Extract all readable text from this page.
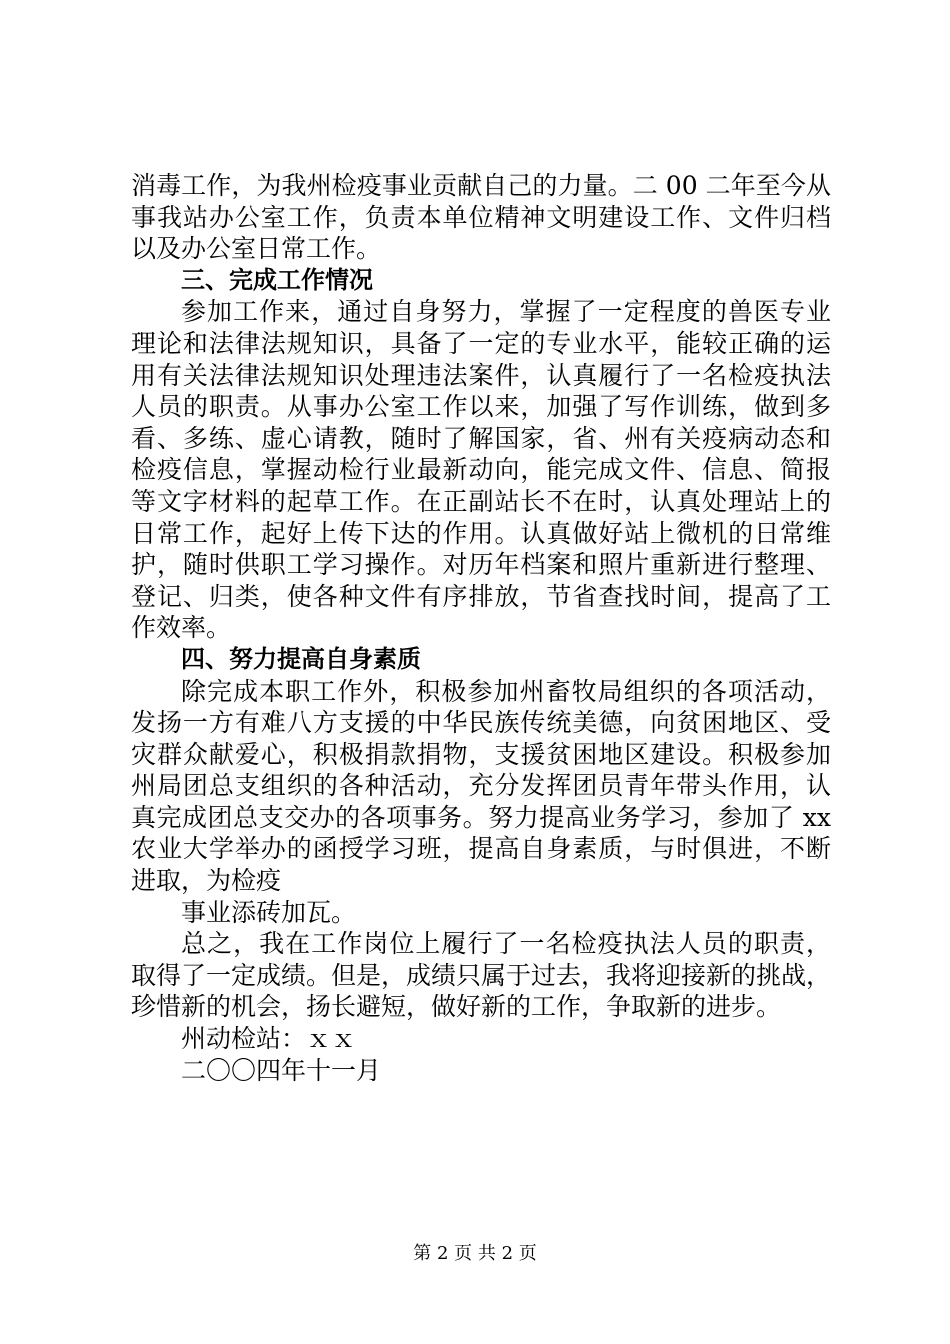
消毒工作，为我州检疫事业贡献自己的力量。二 00 二年至今从
事我站办公室工作，负责本单位精神文明建设工作、文件归档
以及办公室日常工作。
三、完成工作情况
参加工作来，通过自身努力，掌握了一定程度的兽医专业
理论和法律法规知识，具备了一定的专业水平，能较正确的运
用有关法律法规知识处理违法案件，认真履行了一名检疫执法
人员的职责。从事办公室工作以来，加强了写作训练，做到多
看、多练、虚心请教，随时了解国家，省、州有关疫病动态和
检疫信息，掌握动检行业最新动向，能完成文件、信息、简报
等文字材料的起草工作。在正副站长不在时，认真处理站上的
日常工作，起好上传下达的作用。认真做好站上微机的日常维
护，随时供职工学习操作。对历年档案和照片重新进行整理、
登记、归类，使各种文件有序排放，节省查找时间，提高了工
作效率。
四、努力提高自身素质
除完成本职工作外，积极参加州畜牧局组织的各项活动，
发扬一方有难八方支援的中华民族传统美德，向贫困地区、受
灾群众献爱心，积极捐款捐物，支援贫困地区建设。积极参加
州局团总支组织的各种活动，充分发挥团员青年带头作用，认
真完成团总支交办的各项事务。努力提高业务学习，参加了 xx
农业大学举办的函授学习班，提高自身素质，与时俱进，不断
进取，为检疫
事业添砖加瓦。
总之，我在工作岗位上履行了一名检疫执法人员的职责，
取得了一定成绩。但是，成绩只属于过去，我将迎接新的挑战，
珍惜新的机会，扬长避短，做好新的工作，争取新的进步。
州动检站：ｘｘ
二〇〇四年十一月
第 2 页 共 2 页
